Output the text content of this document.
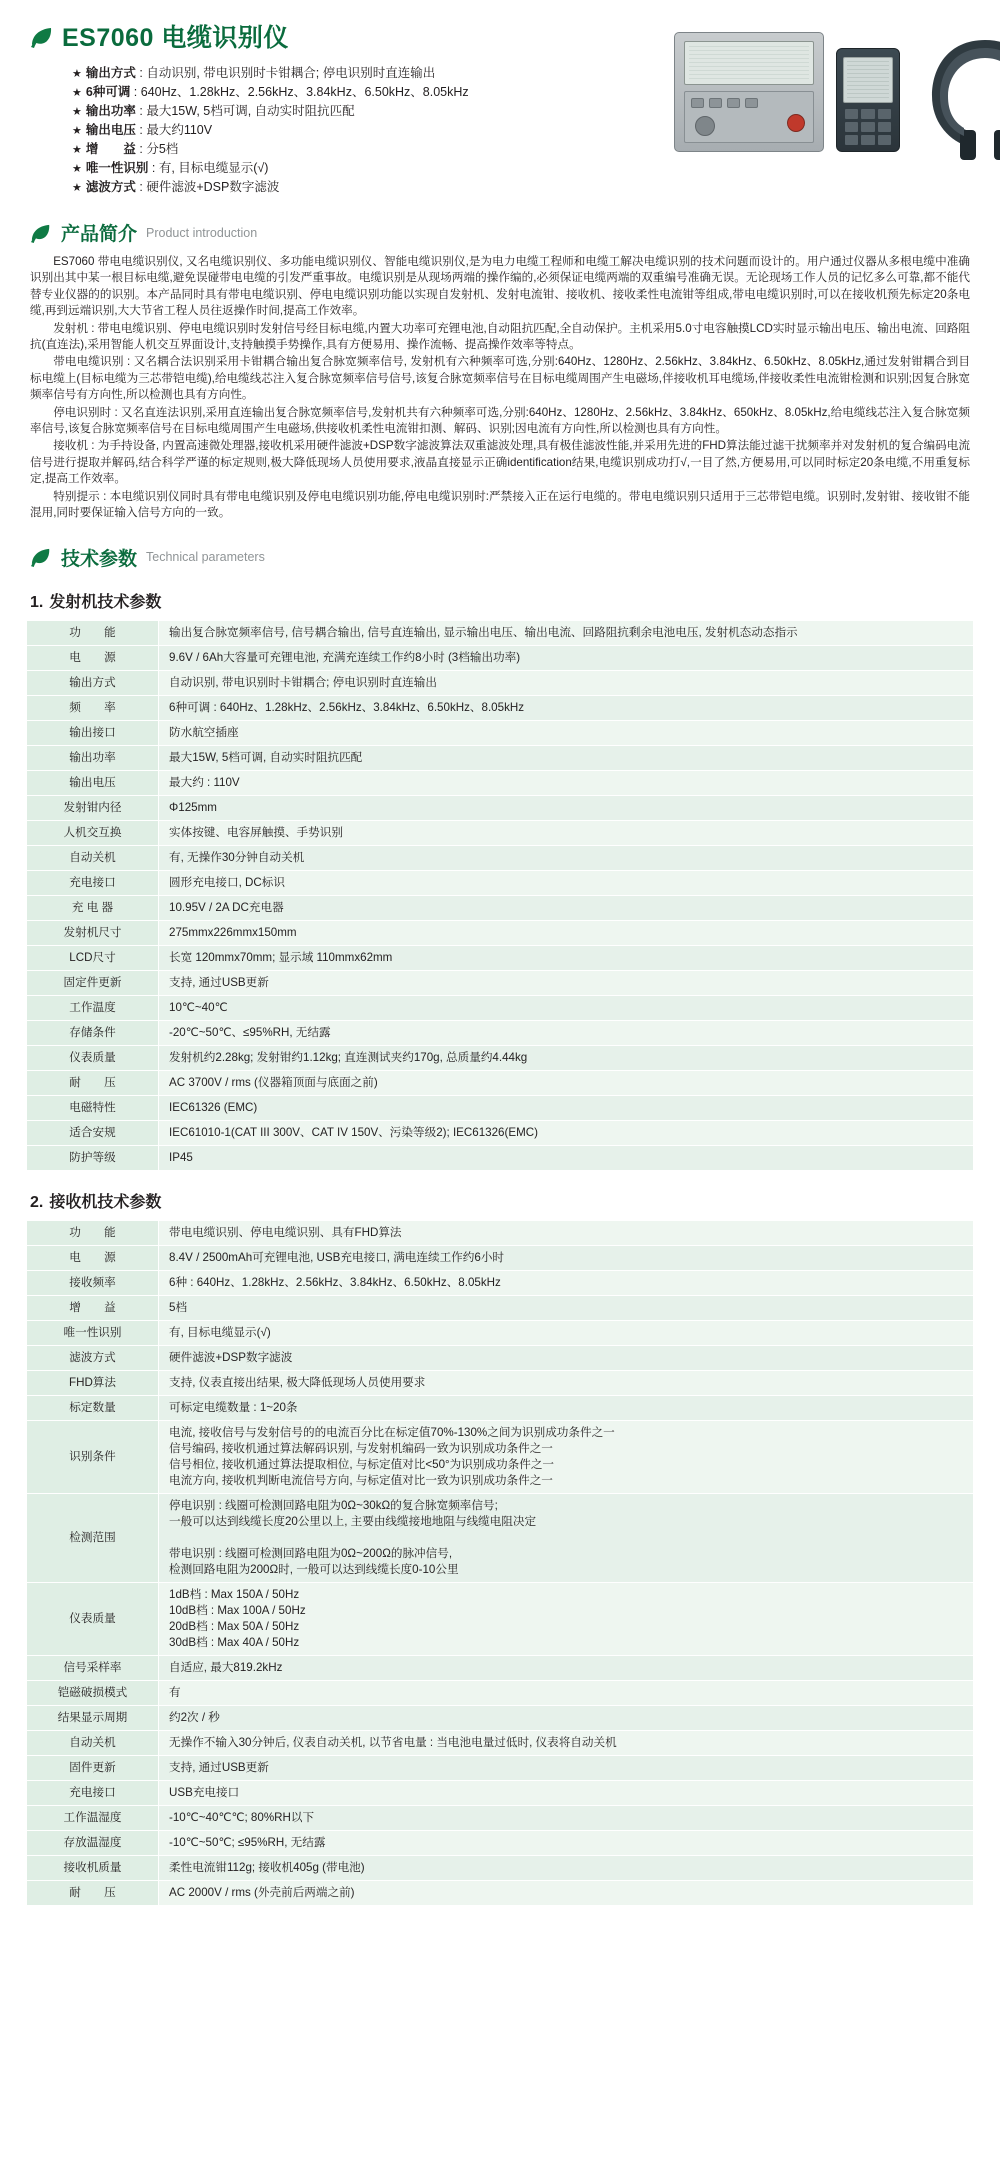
ES7060 电缆识别仪
★ 输出方式 : 自动识别, 带电识别时卡钳耦合; 停电识别时直连输出
★ 6种可调 : 640Hz、1.28kHz、2.56kHz、3.84kHz、6.50kHz、8.05kHz
★ 输出功率 : 最大15W, 5档可调, 自动实时阻抗匹配
★ 输出电压 : 最大约110V
★ 增　　益 : 分5档
★ 唯一性识别 : 有, 目标电缆显示(√)
★ 滤波方式 : 硬件滤波+DSP数字滤波
产品简介 Product introduction

ES7060 带电电缆识别仪, 又名电缆识别仪、多功能电缆识别仪、智能电缆识别仪,是为电力电缆工程师和电缆工解决电缆识别的技术问题而设计的。用户通过仪器从多根电缆中准确识别出其中某一根目标电缆,避免误碰带电电缆的引发严重事故。电缆识别是从现场两端的操作编的,必须保证电缆两端的双重编号准确无误。无论现场工作人员的记忆多么可靠,都不能代替专业仪器的的识别。本产品同时具有带电电缆识别、停电电缆识别功能以实现自发射机、发射电流钳、接收机、接收柔性电流钳等组成,带电电缆识别时,可以在接收机预先标定20条电缆,再到远端识别,大大节省工程人员往返操作时间,提高工作效率。

发射机 : 带电电缆识别、停电电缆识别时发射信号经目标电缆,内置大功率可充锂电池,自动阻抗匹配,全自动保护。主机采用5.0寸电容触摸LCD实时显示输出电压、输出电流、回路阻抗(直连法),采用智能人机交互界面设计,支持触摸手势操作,具有方便易用、操作流畅、提高操作效率等特点。

带电电缆识别 : 又名耦合法识别采用卡钳耦合输出复合脉宽频率信号, 发射机有六种频率可选,分别:640Hz、1280Hz、2.56kHz、3.84kHz、6.50kHz、8.05kHz,通过发射钳耦合到目标电缆上(目标电缆为三芯带铠电缆),给电缆线芯注入复合脉宽频率信号信号,该复合脉宽频率信号在目标电缆周围产生电磁场,伴接收机耳电缆场,伴接收柔性电流钳检测和识别;因复合脉宽频率信号有方向性,所以检测也具有方向性。

停电识别时 : 又名直连法识别,采用直连输出复合脉宽频率信号,发射机共有六种频率可选,分别:640Hz、1280Hz、2.56kHz、3.84kHz、650kHz、8.05kHz,给电缆线芯注入复合脉宽频率信号,该复合脉宽频率信号在目标电缆周围产生电磁场,供接收机柔性电流钳扣测、解码、识别;因电流有方向性,所以检测也具有方向性。

接收机 : 为手持设备, 内置高速微处理器,接收机采用硬件滤波+DSP数字滤波算法双重滤波处理,具有极佳滤波性能,并采用先进的FHD算法能过滤干扰频率并对发射机的复合编码电流信号进行提取并解码,结合科学严谨的标定规则,极大降低现场人员使用要求,液晶直接显示正确identification结果,电缆识别成功打√,一目了然,方便易用,可以同时标定20条电缆,不用重复标定,提高工作效率。

特别提示 : 本电缆识别仪同时具有带电电缆识别及停电电缆识别功能,停电电缆识别时:严禁接入正在运行电缆的。带电电缆识别只适用于三芯带铠电缆。识别时,发射钳、接收钳不能混用,同时要保证输入信号方向的一致。

技术参数 Technical parameters
1. 发射机技术参数
功　　能	输出复合脉宽频率信号, 信号耦合输出, 信号直连输出, 显示输出电压、输出电流、回路阻抗剩余电池电压, 发射机态动态指示
电　　源	9.6V / 6Ah大容量可充锂电池, 充满充连续工作约8小时 (3档输出功率)
输出方式	自动识别, 带电识别时卡钳耦合; 停电识别时直连输出
频　　率	6种可调 : 640Hz、1.28kHz、2.56kHz、3.84kHz、6.50kHz、8.05kHz
输出接口	防水航空插座
输出功率	最大15W, 5档可调, 自动实时阻抗匹配
输出电压	最大约 : 110V
发射钳内径	Φ125mm
人机交互换	实体按键、电容屏触摸、手势识别
自动关机	有, 无操作30分钟自动关机
充电接口	圆形充电接口, DC标识
充 电 器	10.95V / 2A DC充电器
发射机尺寸	275mmx226mmx150mm
LCD尺寸	长宽 120mmx70mm; 显示域 110mmx62mm
固定件更新	支持, 通过USB更新
工作温度	10℃~40℃
存储条件	-20℃~50℃、≤95%RH, 无结露
仪表质量	发射机约2.28kg; 发射钳约1.12kg; 直连测试夹约170g, 总质量约4.44kg
耐　　压	AC 3700V / rms (仪器箱顶面与底面之前)
电磁特性	IEC61326 (EMC)
适合安规	IEC61010-1(CAT III 300V、CAT IV 150V、污染等级2); IEC61326(EMC)
防护等级	IP45
2. 接收机技术参数
功　　能	带电电缆识别、停电电缆识别、具有FHD算法
电　　源	8.4V / 2500mAh可充锂电池, USB充电接口, 满电连续工作约6小时
接收频率	6种 : 640Hz、1.28kHz、2.56kHz、3.84kHz、6.50kHz、8.05kHz
增　　益	5档
唯一性识别	有, 目标电缆显示(√)
滤波方式	硬件滤波+DSP数字滤波
FHD算法	支持, 仪表直接出结果, 极大降低现场人员使用要求
标定数量	可标定电缆数量 : 1~20条
识别条件	电流, 接收信号与发射信号的的电流百分比在标定值70%-130%之间为识别成功条件之一
信号编码, 接收机通过算法解码识别, 与发射机编码一致为识别成功条件之一
信号相位, 接收机通过算法提取相位, 与标定值对比<50°为识别成功条件之一
电流方向, 接收机判断电流信号方向, 与标定值对比一致为识别成功条件之一

检测范围	停电识别 : 线圈可检测回路电阻为0Ω~30kΩ的复合脉宽频率信号;
一般可以达到线缆长度20公里以上, 主要由线缆接地地阻与线缆电阻决定

带电识别 : 线圈可检测回路电阻为0Ω~200Ω的脉冲信号,
检测回路电阻为200Ω时, 一般可以达到线缆长度0-10公里

仪表质量	1dB档 : Max 150A / 50Hz
10dB档 : Max 100A / 50Hz
20dB档 : Max 50A / 50Hz
30dB档 : Max 40A / 50Hz

信号采样率	自适应, 最大819.2kHz
铠磁破损模式	有
结果显示周期	约2次 / 秒
自动关机	无操作不输入30分钟后, 仪表自动关机, 以节省电量 : 当电池电量过低时, 仪表将自动关机
固件更新	支持, 通过USB更新
充电接口	USB充电接口
工作温湿度	-10℃~40℃℃; 80%RH以下
存放温湿度	-10℃~50℃; ≤95%RH, 无结露
接收机质量	柔性电流钳112g; 接收机405g (带电池)
耐　　压	AC 2000V / rms (外壳前后两端之前)
